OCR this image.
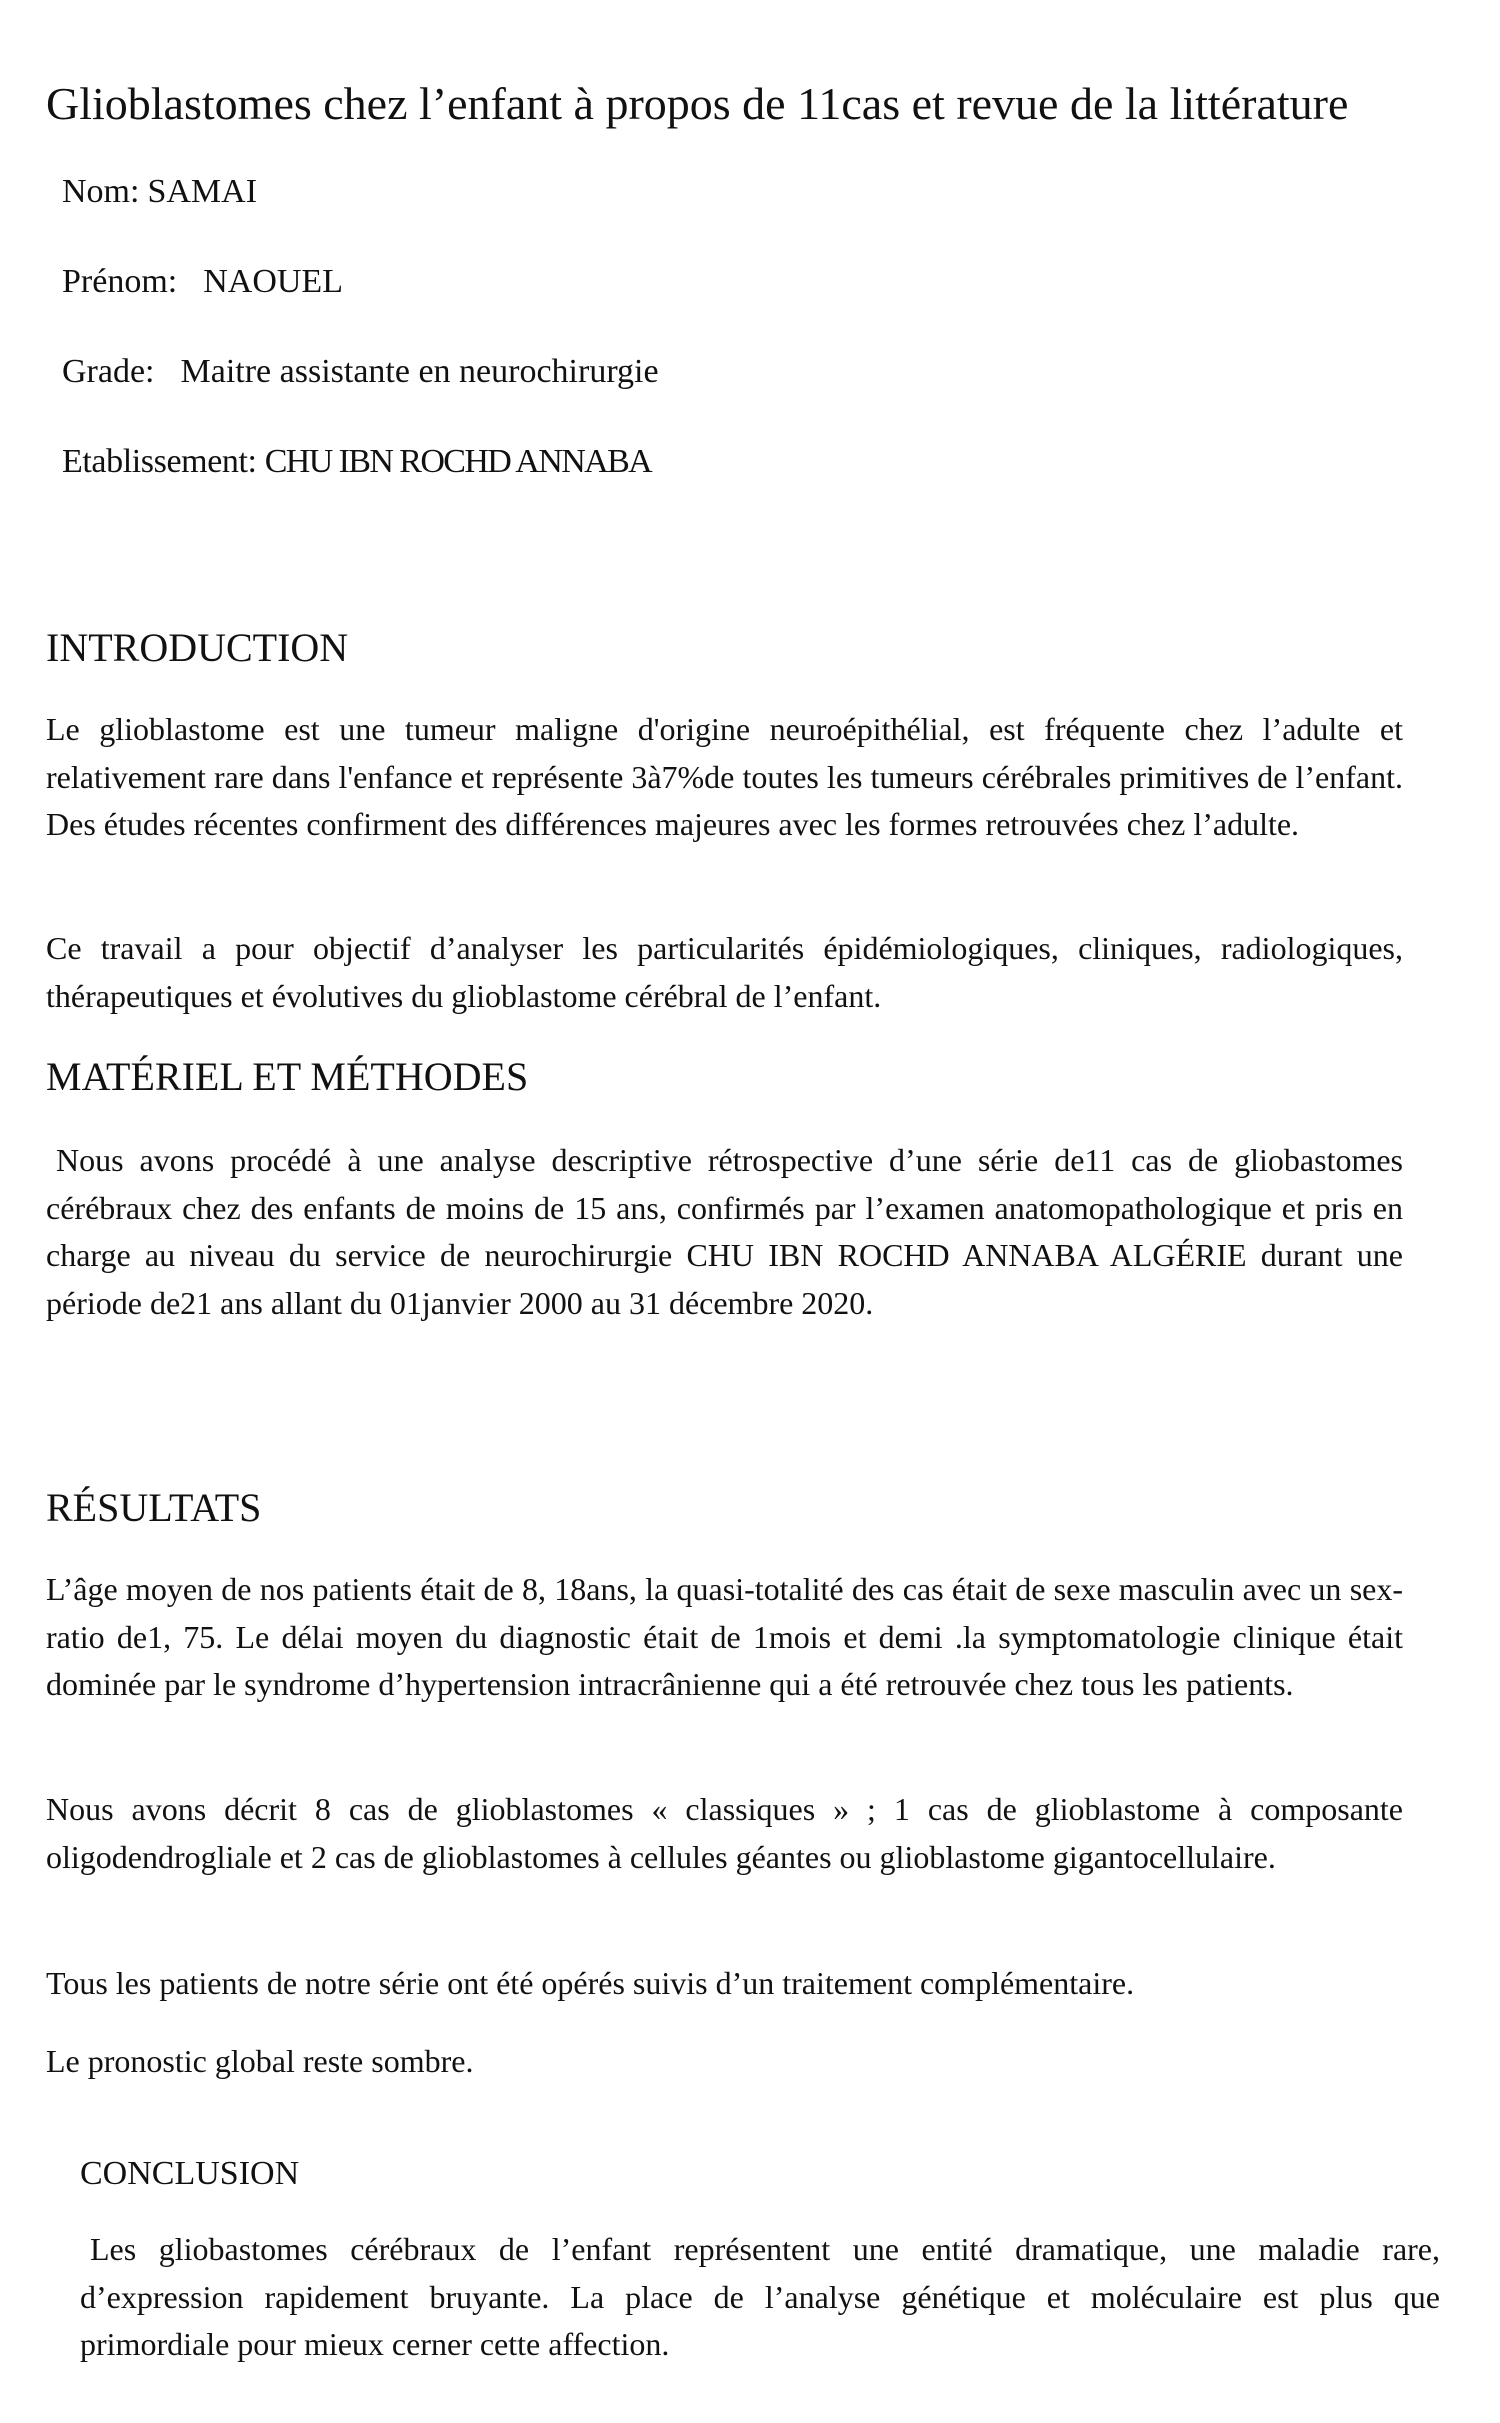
Glioblastomes chez l’enfant à propos de 11cas et revue de la littérature
Nom: SAMAI
Prénom: NAOUEL
Grade: Maitre assistante en neurochirurgie
Etablissement: CHU IBN ROCHD ANNABA
INTRODUCTION

Le glioblastome est une tumeur maligne d'origine neuroépithélial, est fréquente chez l’adulte et relativement rare dans l'enfance et représente 3à7%de toutes les tumeurs cérébrales primitives de l’enfant. Des études récentes confirment des différences majeures avec les formes retrouvées chez l’adulte.

Ce travail a pour objectif d’analyser les particularités épidémiologiques, cliniques, radiologiques, thérapeutiques et évolutives du glioblastome cérébral de l’enfant.

MATÉRIEL ET MÉTHODES

Nous avons procédé à une analyse descriptive rétrospective d’une série de11 cas de gliobastomes cérébraux chez des enfants de moins de 15 ans, confirmés par l’examen anatomopathologique et pris en charge au niveau du service de neurochirurgie CHU IBN ROCHD ANNABA ALGÉRIE durant une période de21 ans allant du 01janvier 2000 au 31 décembre 2020.

RÉSULTATS

L’âge moyen de nos patients était de 8, 18ans, la quasi-totalité des cas était de sexe masculin avec un sex-ratio de1, 75. Le délai moyen du diagnostic était de 1mois et demi .la symptomatologie clinique était dominée par le syndrome d’hypertension intracrânienne qui a été retrouvée chez tous les patients.

Nous avons décrit 8 cas de glioblastomes « classiques » ; 1 cas de glioblastome à composante oligodendrogliale et 2 cas de glioblastomes à cellules géantes ou glioblastome gigantocellulaire.

Tous les patients de notre série ont été opérés suivis d’un traitement complémentaire.

Le pronostic global reste sombre.

CONCLUSION

Les gliobastomes cérébraux de l’enfant représentent une entité dramatique, une maladie rare, d’expression rapidement bruyante. La place de l’analyse génétique et moléculaire est plus que primordiale pour mieux cerner cette affection.
